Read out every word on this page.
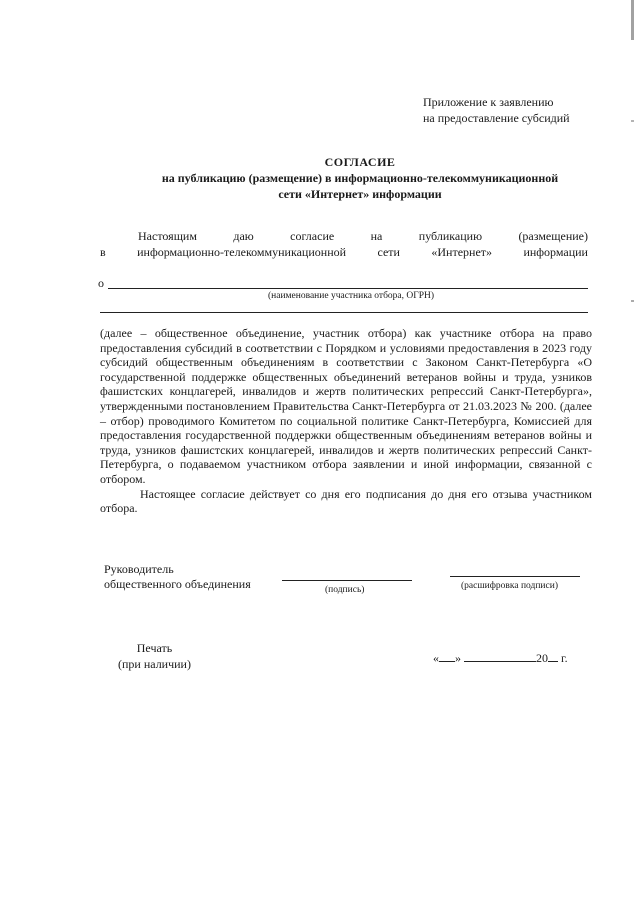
Приложение к заявлению
на предоставление субсидий
СОГЛАСИЕ
на публикацию (размещение) в информационно-телекоммуникационной
сети «Интернет» информации
Настоящим	даю	согласие	на	публикацию	(размещение)
в	информационно-телекоммуникационной	сети	«Интернет»	информации
о
(наименование участника отбора, ОГРН)

(далее – общественное объединение, участник отбора) как участнике отбора на право предоставления субсидий в соответствии с Порядком и условиями предоставления в 2023 году субсидий общественным объединениям в соответствии с Законом Санкт-Петербурга «О государственной поддержке общественных объединений ветеранов войны и труда, узников фашистских концлагерей, инвалидов и жертв политических репрессий Санкт-Петербурга», утвержденными постановлением Правительства Санкт-Петербурга от 21.03.2023 № 200. (далее – отбор) проводимого Комитетом по социальной политике Санкт-Петербурга, Комиссией для предоставления государственной поддержки общественным объединениям ветеранов войны и труда, узников фашистских концлагерей, инвалидов и жертв политических репрессий Санкт-Петербурга, о подаваемом участником отбора заявлении и иной информации, связанной с отбором.

Настоящее согласие действует со дня его подписания до дня его отзыва участником отбора.

Руководитель
общественного объединения	(подпись)	(расшифровка подписи)
Печать
(при наличии)	« »	20 г.
